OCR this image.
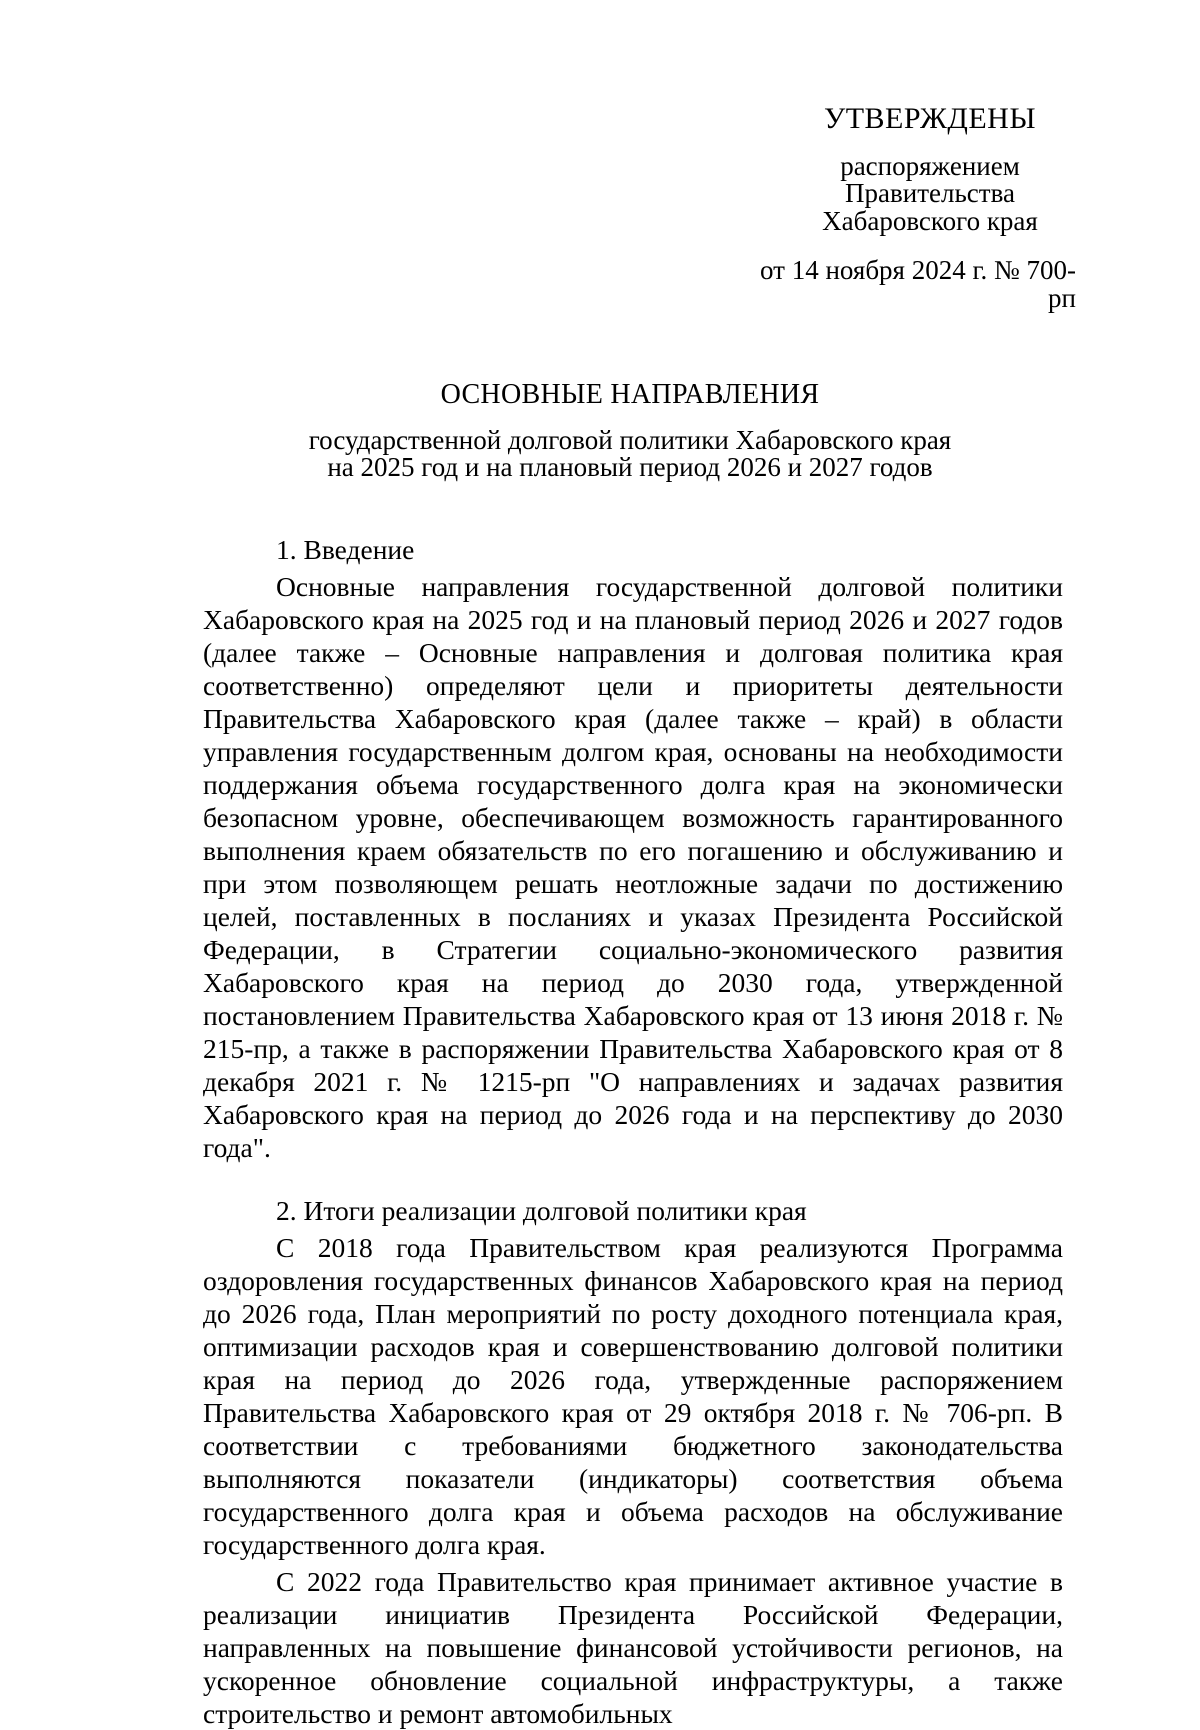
УТВЕРЖДЕНЫ
распоряжением
Правительства
Хабаровского края
от 14 ноября 2024 г. № 700-рп
ОСНОВНЫЕ НАПРАВЛЕНИЯ
государственной долговой политики Хабаровского края
на 2025 год и на плановый период 2026 и 2027 годов

1. Введение

Основные направления государственной долговой политики Хабаровского края на 2025 год и на плановый период 2026 и 2027 годов (далее также – Основные направления и долговая политика края соответственно) определяют цели и приоритеты деятельности Правительства Хабаровского края (далее также – край) в области управления государственным долгом края, основаны на необходимости поддержания объема государственного долга края на экономически безопасном уровне, обеспечивающем возможность гарантированного выполнения краем обязательств по его погашению и обслуживанию и при этом позволяющем решать неотложные задачи по достижению целей, поставленных в посланиях и указах Президента Российской Федерации, в Стратегии социально-экономического развития Хабаровского края на период до 2030 года, утвержденной постановлением Правительства Хабаровского края от 13 июня 2018 г. № 215-пр, а также в распоряжении Правительства Хабаровского края от 8 декабря 2021 г. № 1215-рп "О направлениях и задачах развития Хабаровского края на период до 2026 года и на перспективу до 2030 года".

2. Итоги реализации долговой политики края

С 2018 года Правительством края реализуются Программа оздоровления государственных финансов Хабаровского края на период до 2026 года, План мероприятий по росту доходного потенциала края, оптимизации расходов края и совершенствованию долговой политики края на период до 2026 года, утвержденные распоряжением Правительства Хабаровского края от 29 октября 2018 г. № 706-рп. В соответствии с требованиями бюджетного законодательства выполняются показатели (индикаторы) соответствия объема государственного долга края и объема расходов на обслуживание государственного долга края.

С 2022 года Правительство края принимает активное участие в реализации инициатив Президента Российской Федерации, направленных на повышение финансовой устойчивости регионов, на ускоренное обновление социальной инфраструктуры, а также строительство и ремонт автомобильных
